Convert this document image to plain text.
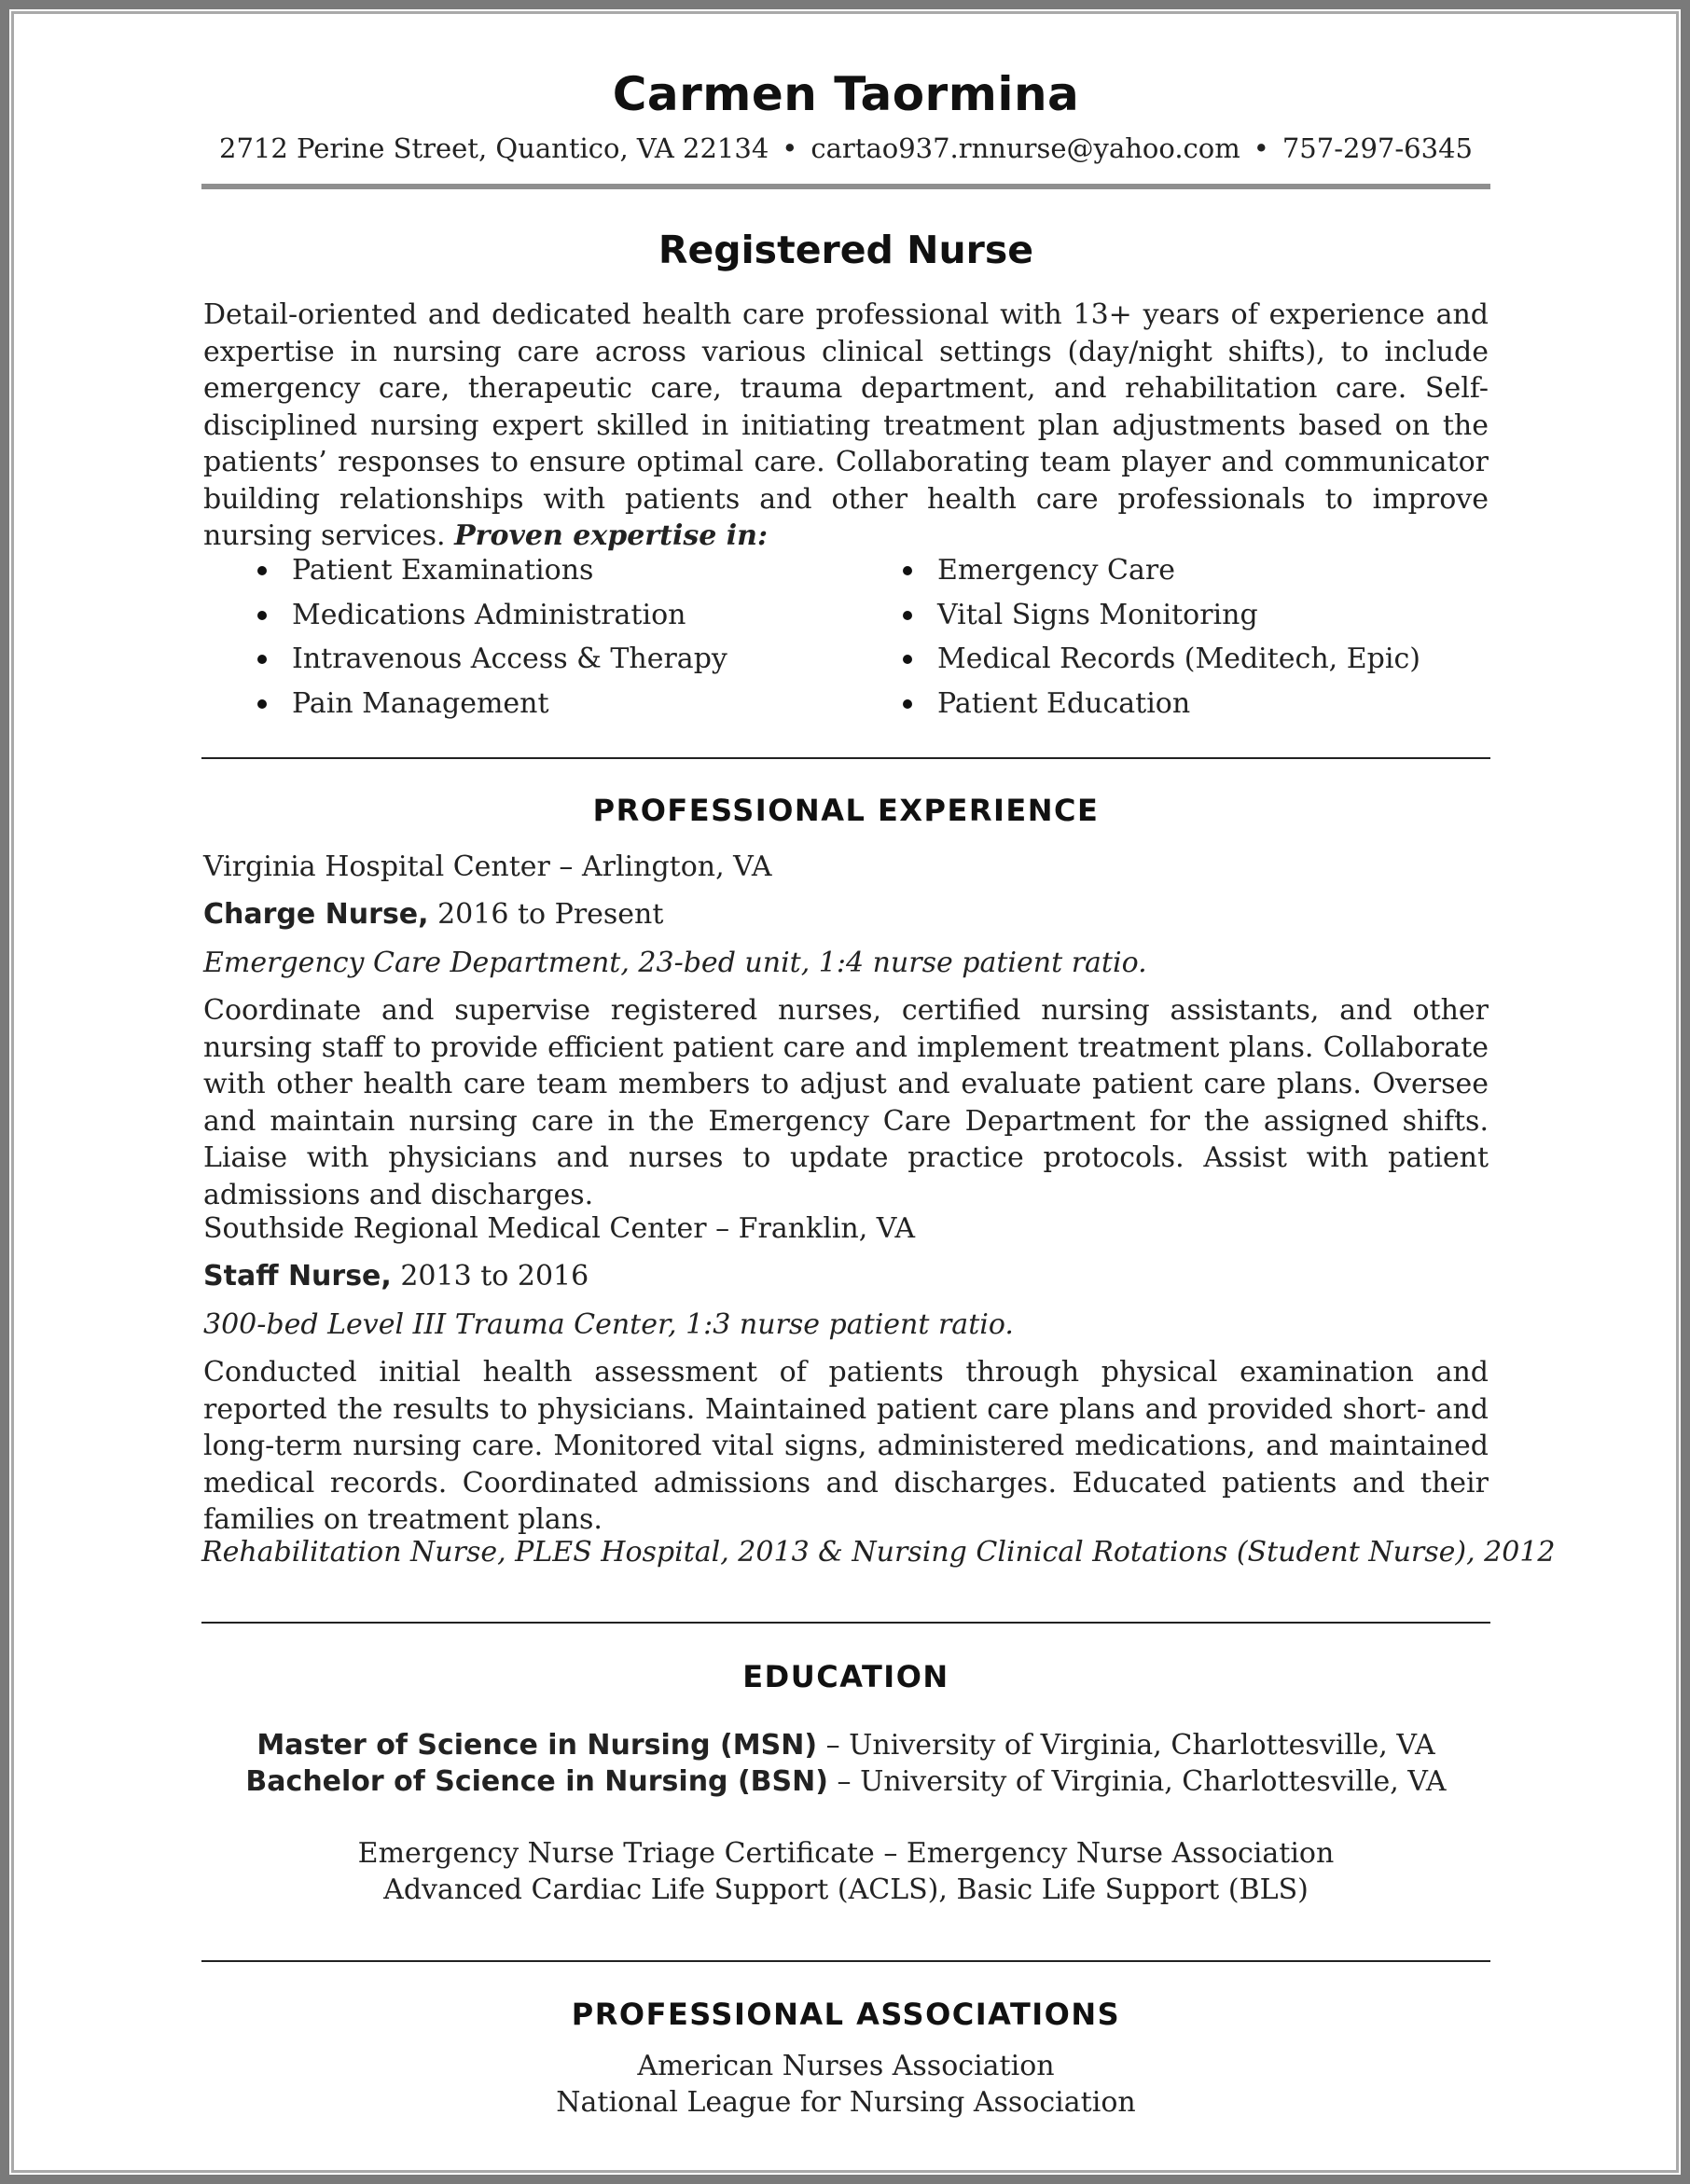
Carmen Taormina
2712 Perine Street, Quantico, VA 22134 • cartao937.rnnurse@yahoo.com • 757-297-6345
Registered Nurse

Detail-oriented and dedicated health care professional with 13+ years of experience and expertise in nursing care across various clinical settings (day/night shifts), to include emergency care, therapeutic care, trauma department, and rehabilitation care. Self-disciplined nursing expert skilled in initiating treatment plan adjustments based on the patients’ responses to ensure optimal care. Collaborating team player and communicator building relationships with patients and other health care professionals to improve nursing services. Proven expertise in:

Patient Examinations
Medications Administration
Intravenous Access & Therapy
Pain Management
Emergency Care
Vital Signs Monitoring
Medical Records (Meditech, Epic)
Patient Education
PROFESSIONAL EXPERIENCE
Virginia Hospital Center – Arlington, VA
Charge Nurse, 2016 to Present
Emergency Care Department, 23-bed unit, 1:4 nurse patient ratio.

Coordinate and supervise registered nurses, certified nursing assistants, and other nursing staff to provide efficient patient care and implement treatment plans. Collaborate with other health care team members to adjust and evaluate patient care plans. Oversee and maintain nursing care in the Emergency Care Department for the assigned shifts. Liaise with physicians and nurses to update practice protocols. Assist with patient admissions and discharges.

Southside Regional Medical Center – Franklin, VA
Staff Nurse, 2013 to 2016
300-bed Level III Trauma Center, 1:3 nurse patient ratio.

Conducted initial health assessment of patients through physical examination and reported the results to physicians. Maintained patient care plans and provided short- and long-term nursing care. Monitored vital signs, administered medications, and maintained medical records. Coordinated admissions and discharges. Educated patients and their families on treatment plans.

Rehabilitation Nurse, PLES Hospital, 2013 & Nursing Clinical Rotations (Student Nurse), 2012
EDUCATION
Master of Science in Nursing (MSN) – University of Virginia, Charlottesville, VA
Bachelor of Science in Nursing (BSN) – University of Virginia, Charlottesville, VA
Emergency Nurse Triage Certificate – Emergency Nurse Association
Advanced Cardiac Life Support (ACLS), Basic Life Support (BLS)
PROFESSIONAL ASSOCIATIONS
American Nurses Association
National League for Nursing Association
